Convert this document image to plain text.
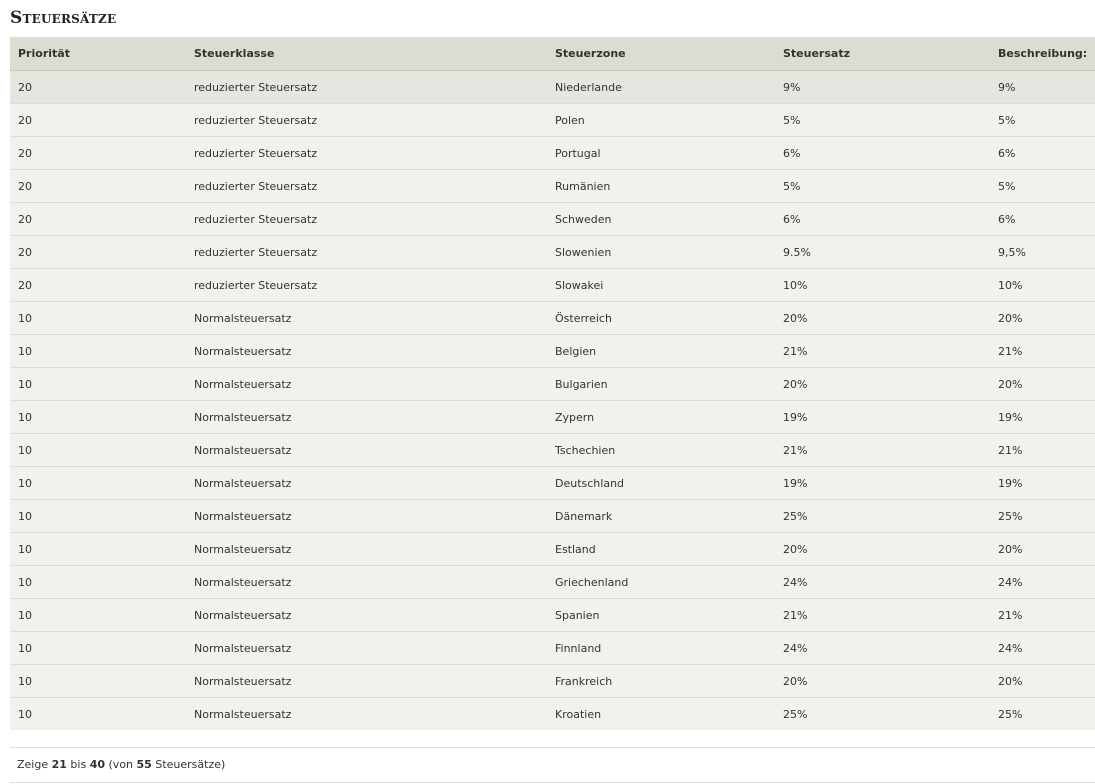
Steuersätze
Priorität	Steuerklasse	Steuerzone	Steuersatz	Beschreibung:
20	reduzierter Steuersatz	Niederlande	9%	9%
20	reduzierter Steuersatz	Polen	5%	5%
20	reduzierter Steuersatz	Portugal	6%	6%
20	reduzierter Steuersatz	Rumänien	5%	5%
20	reduzierter Steuersatz	Schweden	6%	6%
20	reduzierter Steuersatz	Slowenien	9.5%	9,5%
20	reduzierter Steuersatz	Slowakei	10%	10%
10	Normalsteuersatz	Österreich	20%	20%
10	Normalsteuersatz	Belgien	21%	21%
10	Normalsteuersatz	Bulgarien	20%	20%
10	Normalsteuersatz	Zypern	19%	19%
10	Normalsteuersatz	Tschechien	21%	21%
10	Normalsteuersatz	Deutschland	19%	19%
10	Normalsteuersatz	Dänemark	25%	25%
10	Normalsteuersatz	Estland	20%	20%
10	Normalsteuersatz	Griechenland	24%	24%
10	Normalsteuersatz	Spanien	21%	21%
10	Normalsteuersatz	Finnland	24%	24%
10	Normalsteuersatz	Frankreich	20%	20%
10	Normalsteuersatz	Kroatien	25%	25%
Zeige 21 bis 40 (von 55 Steuersätze)
